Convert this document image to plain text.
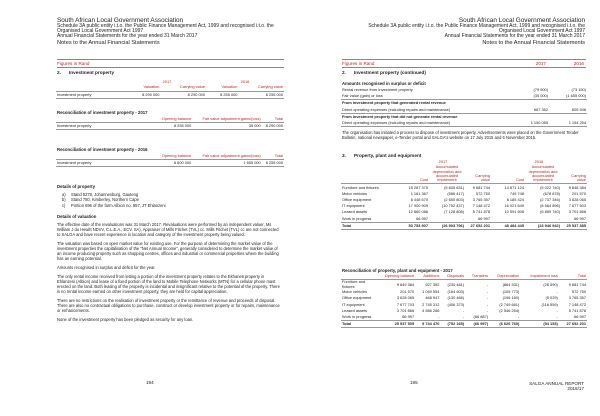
South African Local Government Association
Schedule 3A public entity i.t.o. the Public Finance Management Act, 1999 and recognised i.t.o. the
Organised Local Government Act 1997
Annual Financial Statements for the year ended 31 March 2017
Notes to the Annual Financial Statements
Figures in Rand
2. Investment property
	2017		2016	
	Valuation	Carrying value	Valuation	Carrying value
Investment property	8 290 000	8 290 000	8 255 000	8 255 000
Reconciliation of investment property - 2017
	Opening balance	Fair value adjustment gains/(loss)	Total
Investment property	8 255 000	35 000	8 290 000
Reconciliation of investment property - 2016
	Opening balance	Fair value adjustment gains/(loss)	Total
Investment property	6 600 000	1 655 000	8 255 000
Details of property
a) Stand 5278, Johannesburg, Gauteng
b) Stand 750, Kimberley, Northern Cape
c) Portion 696 of the farm Albion no. 957, JT Ehlanzeni
Details of valuation

The effective date of the revaluations was 31 March 2017. Revaluations were performed by an independent valuer, Ms William J du Hewitt NDVV, C.L.E.A., ECV. SA), Appraiser of Mills Fitchet (TVL) cc. Mills Fitchet (TVL) cc are not connected to SALGA and have recent experience in location and category of the investment property being valued.

The valuation was based on open market value for existing use. For the purpose of determining the market value of the investment properties the capitalisation of the "Net Annual Income", generally considered to determine the market value of an income producing property such as shopping centres, offices and industrial or commercial properties where the building has an earning potential.

Amounts recognised in surplus and deficit for the year.

The only rental income received from letting a portion of the investment property relates to the Ekhaneti property in Ehlanzeni (Albion) and lease of a fixed portion of the land to Mobile Telephone Networks (MTN) for a cellular phone mast erected on the land. Both leasing of the property is incidental and insignificant relative to the potential of the property. There is no rental income earned on other investment property, they are held for capital appreciation.

There are no restrictions on the realisation of investment property or the remittance of revenue and proceeds of disposal. There are also no contractual obligations to purchase, construct or develop investment property or for repairs, maintenance or enhancements.

None of the investment property has been pledged as security for any loan.

194
South African Local Government Association
Schedule 3A public entity i.t.o. the Public Finance Management Act, 1999 and recognised i.t.o. the
Organised Local Government Act 1997
Annual Financial Statements for the year ended 31 March 2017
Notes to the Annual Financial Statements
Figures in Rand	2017	2016
2. Investment property (continued)
Amounts recognised in surplus or deficit
Rental revenue from Investment property	(79 900)	(73 150)
Fair value (gain) or loss	(35 000)	(1 655 000)
From Investment property that generated rental revenue		
Direct operating expenses (including repairs and maintenance)	667 352	605 946
From Investment property that did not generate rental revenue		
Direct operating expenses (including repairs and maintenance)	1 150 055	1 154 254

The organisation has initiated a process to dispose of investment property. Advertisements were placed on the Government Tender Bulletin, national newspaper, e-Tender portal and SALGA's website on 17 July 2015 and 6 November 2015.

3. Property, plant and equipment
	2017			2016		
	Cost	Accumulated depreciation and accumulated impairment	Carrying value	Cost	Accumulated depreciation and accumulated impairment	Carrying value
Furniture and fixtures	15 287 375	(5 605 631)	9 681 744	14 871 124	(5 022 740)	9 848 384
Motor vehicles	1 161 367	(586 417)	572 750	749 748	(678 678)	201 570
Office equipment	6 448 670	(2 650 803)	3 765 357	6 185 424	(2 737 346)	3 628 065
IT equipment	17 900 909	(10 752 437)	7 148 472	16 021 649	(8 564 896)	7 677 503
Leased assets	12 860 086	(7 128 808)	5 741 878	10 591 606	(6 889 740)	3 701 866
Work in progress	66 997	-	66 997	-	-	66 997
Total	53 753 907	(26 903 796)	27 652 201	48 484 445	(23 946 942)	25 537 385
Reconciliation of property, plant and equipment - 2017
	Opening balance	Additions	Disposals	Transfers	Depreciation	Impairment loss	Total
Furniture and fixtures	9 849 384	927 352	(230 481)	-	(864 531)	(28 590)	9 681 744
Motor vehicles	201 570	1 049 554	(164 603)	-	(105 773)	-	572 750
Office equipment	3 628 065	468 947	(130 466)	-	(196 160)	(5 029)	3 765 357
IT equipment	7 677 703	2 745 312	(406 373)	-	(2 749 661)	(116 559)	7 148 472
Leased assets	3 701 866	4 586 266	-	-	(2 546 254)	-	5 741 878
Work in progress	66 997	-	-	(66 887)	-	-	66 997
Total	25 537 505	9 744 470	(752 165)	(66 997)	(6 626 760)	(94 153)	27 652 201
195	SALGA ANNUAL REPORT
2016/17
